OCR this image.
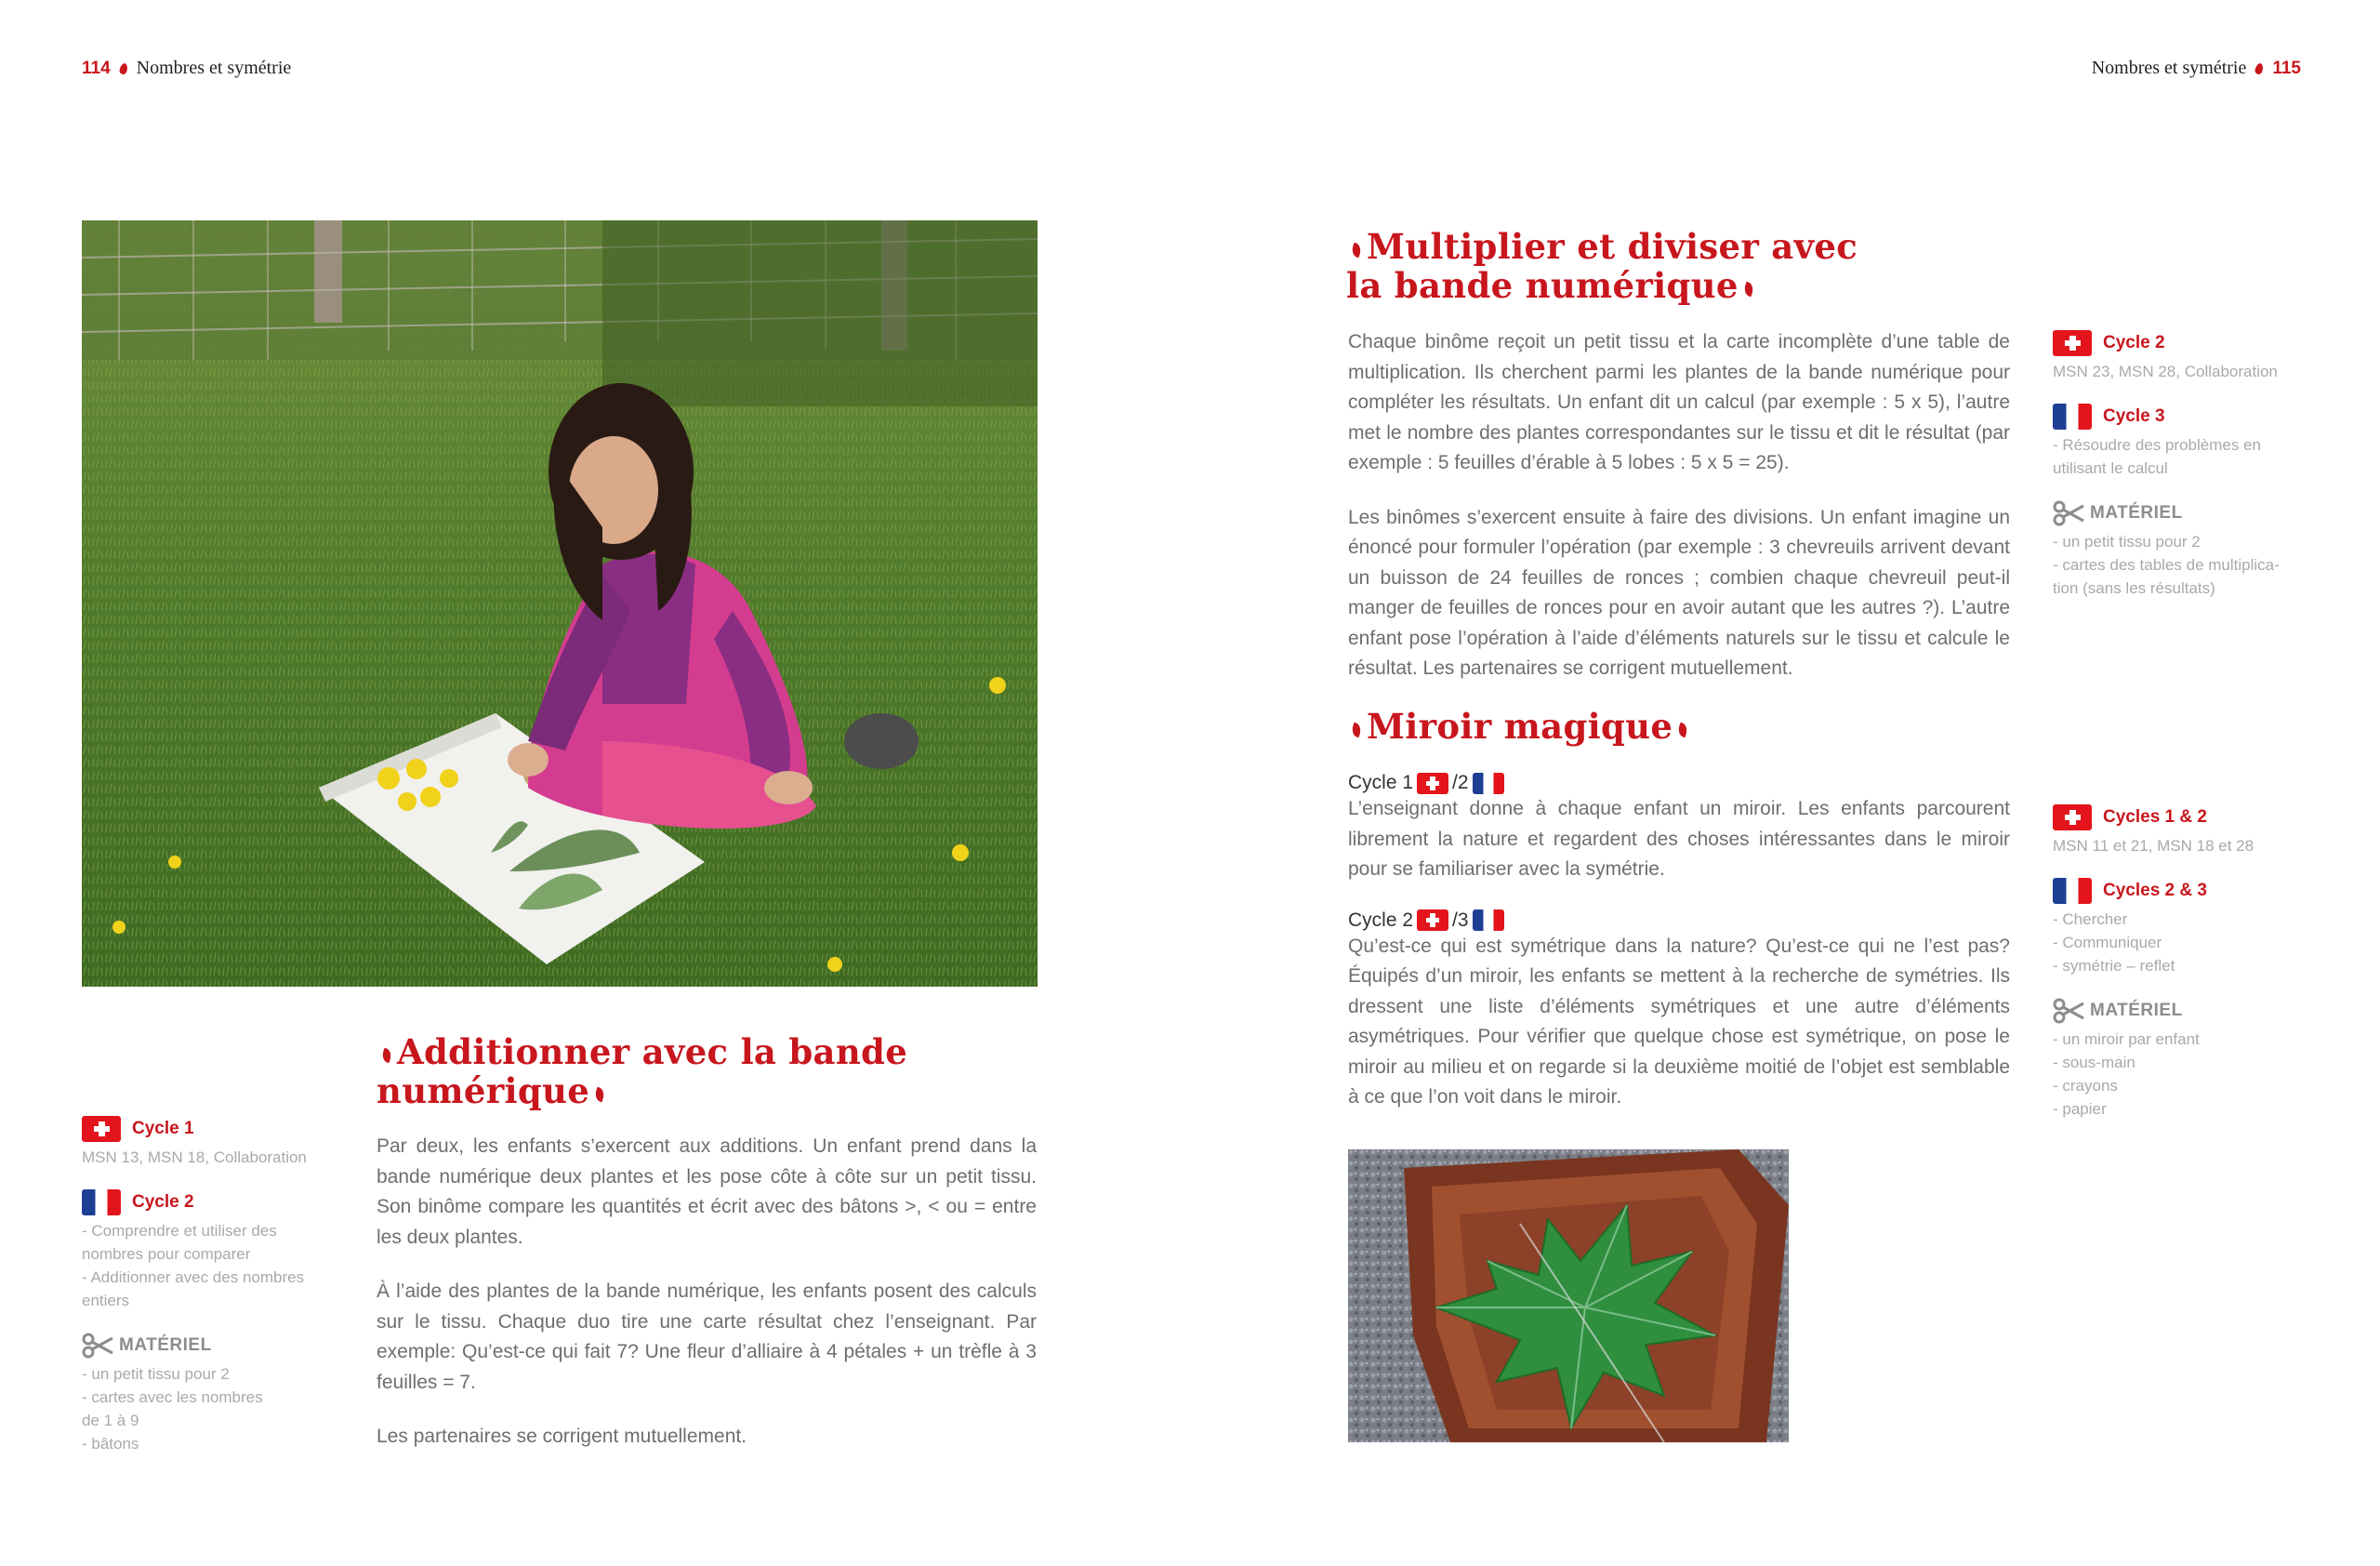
114 Nombres et symétrie	Nombres et symétrie 115
Cycle 1
MSN 13, MSN 18, Collaboration
Cycle 2
- Comprendre et utiliser des
nombres pour comparer
- Additionner avec des nombres
entiers
MATÉRIEL
- un petit tissu pour 2
- cartes avec les nombres
de 1 à 9
- bâtons
Additionner avec la bande
numérique

Par deux, les enfants s’exercent aux additions. Un enfant prend dans la bande numérique deux plantes et les pose côte à côte sur un petit tissu. Son binôme compare les quantités et écrit avec des bâtons >, < ou = entre les deux plantes.

À l’aide des plantes de la bande numérique, les enfants posent des calculs sur le tissu. Chaque duo tire une carte résultat chez l’enseignant. Par exemple: Qu’est-ce qui fait 7? Une fleur d’alliaire à 4 pétales + un trèfle à 3 feuilles = 7.

Les partenaires se corrigent mutuellement.

Multiplier et diviser avec
la bande numérique

Chaque binôme reçoit un petit tissu et la carte incomplète d’une table de multiplication. Ils cherchent parmi les plantes de la bande numérique pour compléter les résultats. Un enfant dit un calcul (par exemple : 5 x 5), l’autre met le nombre des plantes correspondantes sur le tissu et dit le résultat (par exemple : 5 feuilles d’érable à 5 lobes : 5 x 5 = 25).

Les binômes s’exercent ensuite à faire des divisions. Un enfant imagine un énoncé pour formuler l’opération (par exemple : 3 chevreuils arrivent devant un buisson de 24 feuilles de ronces ; combien chaque chevreuil peut-il manger de feuilles de ronces pour en avoir autant que les autres ?). L’autre enfant pose l’opération à l’aide d’éléments naturels sur le tissu et calcule le résultat. Les partenaires se corrigent mutuellement.

Cycle 2
MSN 23, MSN 28, Collaboration
Cycle 3
- Résoudre des problèmes en
utilisant le calcul
MATÉRIEL
- un petit tissu pour 2
- cartes des tables de multiplica-
tion (sans les résultats)
Miroir magique
Cycle 1 /2
L’enseignant donne à chaque enfant un miroir. Les enfants parcourent librement la nature et regardent des choses intéressantes dans le miroir pour se familiariser avec la symétrie.
Cycle 2 /3
Qu’est-ce qui est symétrique dans la nature? Qu’est-ce qui ne l’est pas? Équipés d’un miroir, les enfants se mettent à la recherche de symétries. Ils dressent une liste d’éléments symétriques et une autre d’éléments asymétriques. Pour vérifier que quelque chose est symétrique, on pose le miroir au milieu et on regarde si la deuxième moitié de l’objet est semblable à ce que l’on voit dans le miroir.
Cycles 1 & 2
MSN 11 et 21, MSN 18 et 28
Cycles 2 & 3
- Chercher
- Communiquer
- symétrie – reflet
MATÉRIEL
- un miroir par enfant
- sous-main
- crayons
- papier
